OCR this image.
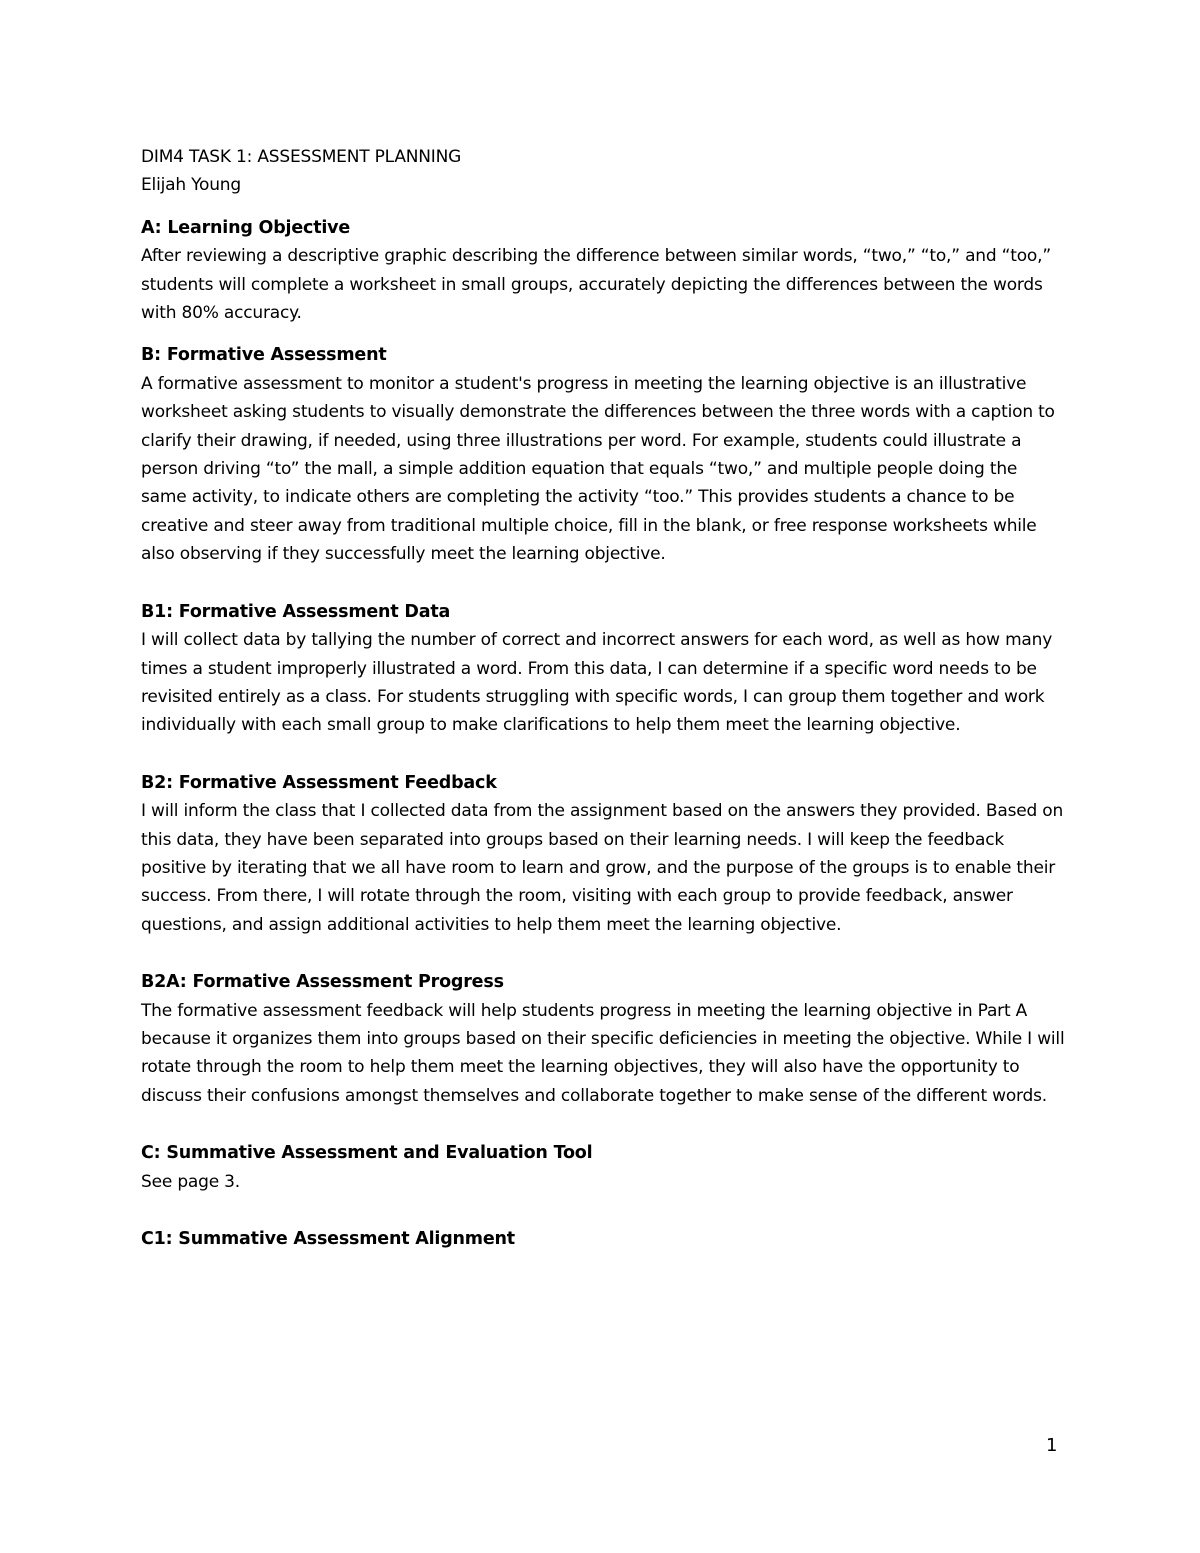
DIM4 TASK 1: ASSESSMENT PLANNING

Elijah Young

A: Learning Objective

After reviewing a descriptive graphic describing the difference between similar words, “two,” “to,” and “too,” students will complete a worksheet in small groups, accurately depicting the differences between the words with 80% accuracy.

B: Formative Assessment

A formative assessment to monitor a student's progress in meeting the learning objective is an illustrative worksheet asking students to visually demonstrate the differences between the three words with a caption to clarify their drawing, if needed, using three illustrations per word. For example, students could illustrate a person driving “to” the mall, a simple addition equation that equals “two,” and multiple people doing the same activity, to indicate others are completing the activity “too.” This provides students a chance to be creative and steer away from traditional multiple choice, fill in the blank, or free response worksheets while also observing if they successfully meet the learning objective.

B1: Formative Assessment Data

I will collect data by tallying the number of correct and incorrect answers for each word, as well as how many times a student improperly illustrated a word. From this data, I can determine if a specific word needs to be revisited entirely as a class. For students struggling with specific words, I can group them together and work individually with each small group to make clarifications to help them meet the learning objective.

B2: Formative Assessment Feedback

I will inform the class that I collected data from the assignment based on the answers they provided. Based on this data, they have been separated into groups based on their learning needs. I will keep the feedback positive by iterating that we all have room to learn and grow, and the purpose of the groups is to enable their success. From there, I will rotate through the room, visiting with each group to provide feedback, answer questions, and assign additional activities to help them meet the learning objective.

B2A: Formative Assessment Progress

The formative assessment feedback will help students progress in meeting the learning objective in Part A because it organizes them into groups based on their specific deficiencies in meeting the objective. While I will rotate through the room to help them meet the learning objectives, they will also have the opportunity to discuss their confusions amongst themselves and collaborate together to make sense of the different words.

C: Summative Assessment and Evaluation Tool

See page 3.

C1: Summative Assessment Alignment

1
